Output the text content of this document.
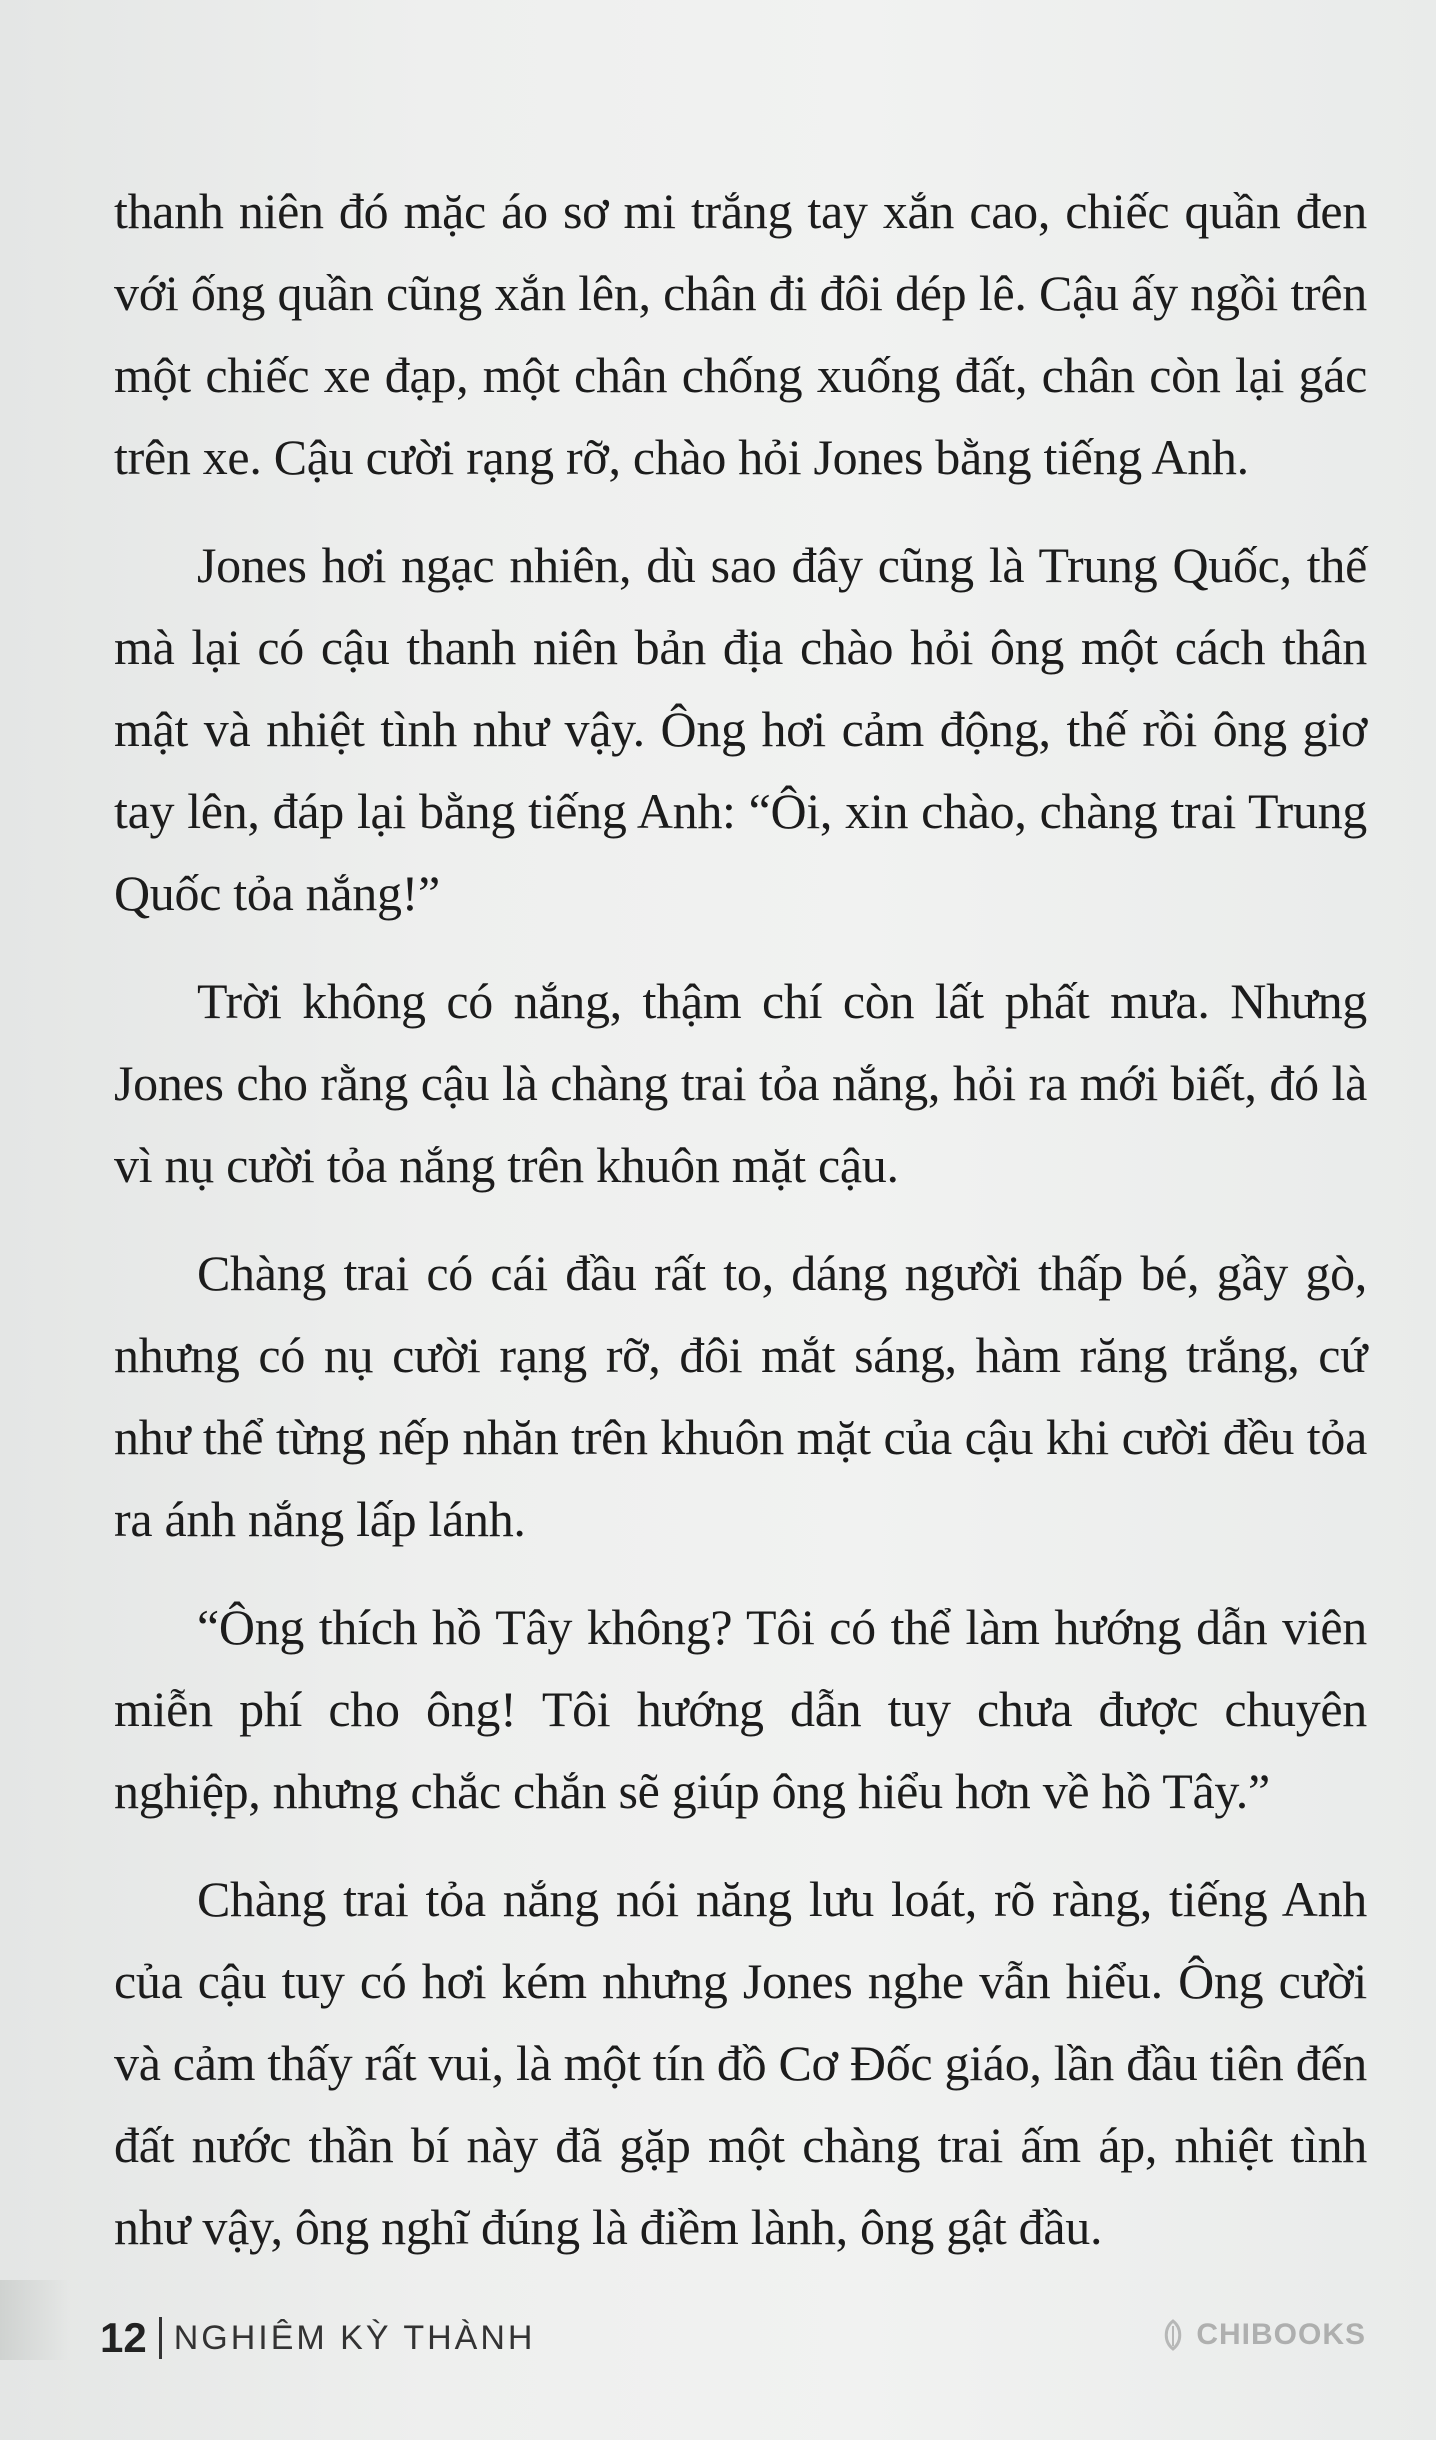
thanh niên đó mặc áo sơ mi trắng tay xắn cao, chiếc quần đen với ống quần cũng xắn lên, chân đi đôi dép lê. Cậu ấy ngồi trên một chiếc xe đạp, một chân chống xuống đất, chân còn lại gác trên xe. Cậu cười rạng rỡ, chào hỏi Jones bằng tiếng Anh.

Jones hơi ngạc nhiên, dù sao đây cũng là Trung Quốc, thế mà lại có cậu thanh niên bản địa chào hỏi ông một cách thân mật và nhiệt tình như vậy. Ông hơi cảm động, thế rồi ông giơ tay lên, đáp lại bằng tiếng Anh: “Ôi, xin chào, chàng trai Trung Quốc tỏa nắng!”

Trời không có nắng, thậm chí còn lất phất mưa. Nhưng Jones cho rằng cậu là chàng trai tỏa nắng, hỏi ra mới biết, đó là vì nụ cười tỏa nắng trên khuôn mặt cậu.

Chàng trai có cái đầu rất to, dáng người thấp bé, gầy gò, nhưng có nụ cười rạng rỡ, đôi mắt sáng, hàm răng trắng, cứ như thể từng nếp nhăn trên khuôn mặt của cậu khi cười đều tỏa ra ánh nắng lấp lánh.

“Ông thích hồ Tây không? Tôi có thể làm hướng dẫn viên miễn phí cho ông! Tôi hướng dẫn tuy chưa được chuyên nghiệp, nhưng chắc chắn sẽ giúp ông hiểu hơn về hồ Tây.”

Chàng trai tỏa nắng nói năng lưu loát, rõ ràng, tiếng Anh của cậu tuy có hơi kém nhưng Jones nghe vẫn hiểu. Ông cười và cảm thấy rất vui, là một tín đồ Cơ Đốc giáo, lần đầu tiên đến đất nước thần bí này đã gặp một chàng trai ấm áp, nhiệt tình như vậy, ông nghĩ đúng là điềm lành, ông gật đầu.

12 NGHIÊM KỲ THÀNH	CHIBOOKS
